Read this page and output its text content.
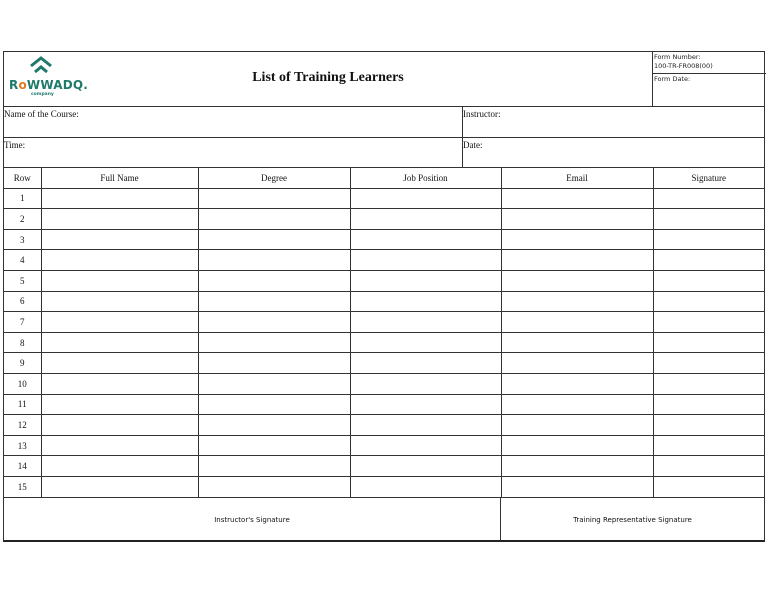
RoWWADQ.
company
List of Training Learners
Form Number:
100-TR-FR008(00)
Form Date:
Name of the Course:	Instructor:
Time:	Date:
Row	Full Name	Degree	Job Position	Email	Signature
1					
2					
3					
4					
5					
6					
7					
8					
9					
10					
11					
12					
13					
14					
15					
Instructor's Signature	Training Representative Signature
